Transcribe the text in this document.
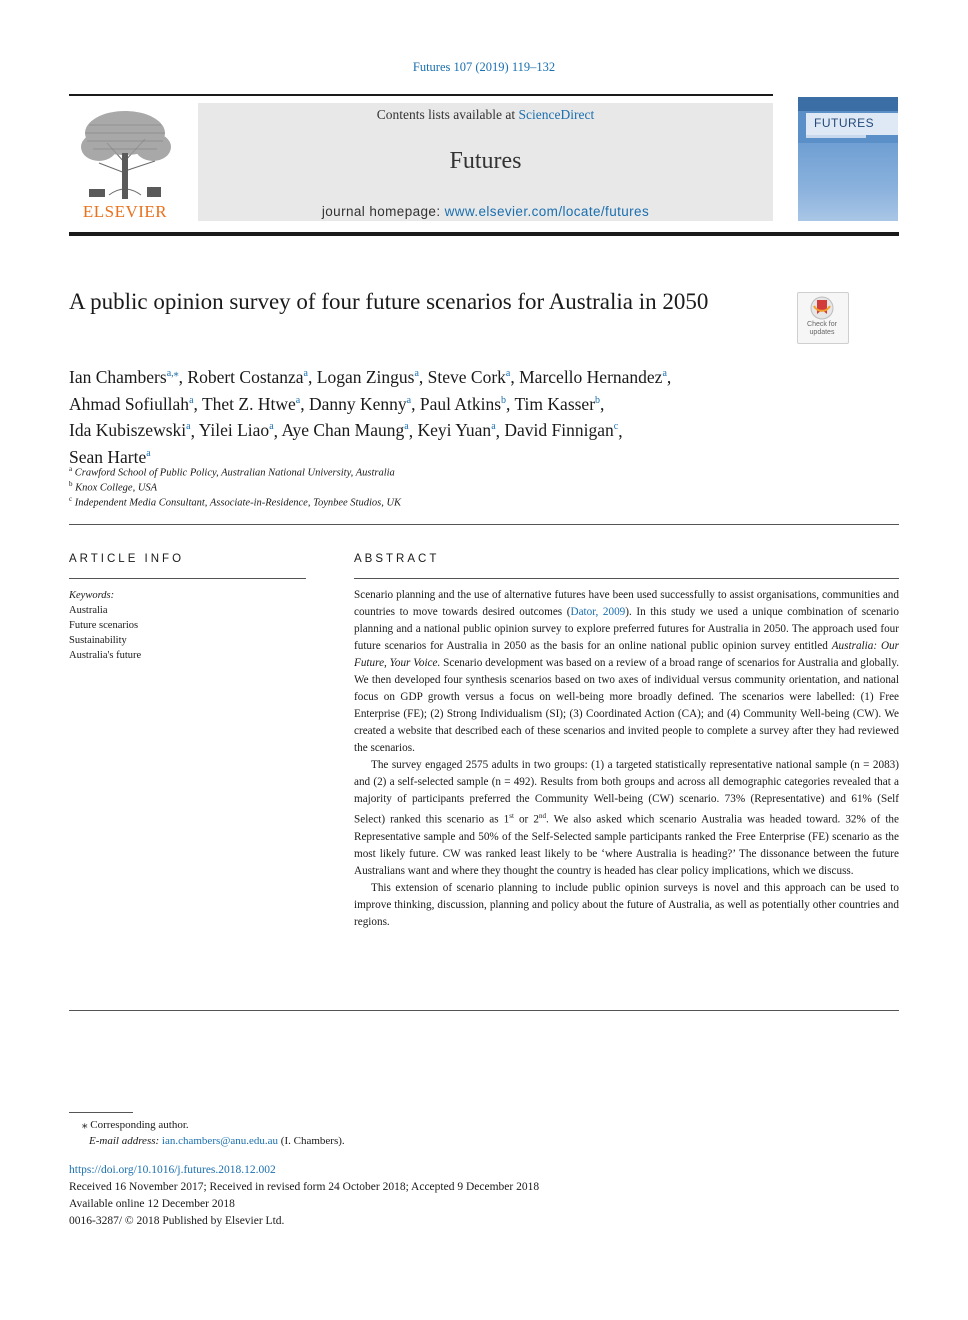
Futures 107 (2019) 119–132
ELSEVIER
Contents lists available at ScienceDirect
Futures
journal homepage: www.elsevier.com/locate/futures
FUTURES
A public opinion survey of four future scenarios for Australia in 2050
Check for updates
Ian Chambers$^{a,⁎}$, Robert Costanza$^a$, Logan Zingus$^a$, Steve Cork$^a$, Marcello Hernandez$^a$,
Ahmad Sofiullah$^a$, Thet Z. Htwe$^a$, Danny Kenny$^a$, Paul Atkins$^b$, Tim Kasser$^b$,
Ida Kubiszewski$^a$, Yilei Liao$^a$, Aye Chan Maung$^a$, Keyi Yuan$^a$, David Finnigan$^c$,
Sean Harte$^a$
$^a$ Crawford School of Public Policy, Australian National University, Australia
$^b$ Knox College, USA
$^c$ Independent Media Consultant, Associate-in-Residence, Toynbee Studios, UK
ARTICLE INFO
Keywords:
Australia
Future scenarios
Sustainability
Australia's future
ABSTRACT

Scenario planning and the use of alternative futures have been used successfully to assist organisations, communities and countries to move towards desired outcomes (Dator, 2009). In this study we used a unique combination of scenario planning and a national public opinion survey to explore preferred futures for Australia in 2050. The approach used four future scenarios for Australia in 2050 as the basis for an online national public opinion survey entitled Australia: Our Future, Your Voice. Scenario development was based on a review of a broad range of scenarios for Australia and globally. We then developed four synthesis scenarios based on two axes of individual versus community orientation, and national focus on GDP growth versus a focus on well-being more broadly defined. The scenarios were labelled: (1) Free Enterprise (FE); (2) Strong Individualism (SI); (3) Coordinated Action (CA); and (4) Community Well-being (CW). We created a website that described each of these scenarios and invited people to complete a survey after they had reviewed the scenarios.

The survey engaged 2575 adults in two groups: (1) a targeted statistically representative national sample (n = 2083) and (2) a self-selected sample (n = 492). Results from both groups and across all demographic categories revealed that a majority of participants preferred the Community Well-being (CW) scenario. 73% (Representative) and 61% (Self Select) ranked this scenario as 1st or 2nd. We also asked which scenario Australia was headed toward. 32% of the Representative sample and 50% of the Self-Selected sample participants ranked the Free Enterprise (FE) scenario as the most likely future. CW was ranked least likely to be ‘where Australia is heading?’ The dissonance between the future Australians want and where they thought the country is headed has clear policy implications, which we discuss.

This extension of scenario planning to include public opinion surveys is novel and this approach can be used to improve thinking, discussion, planning and policy about the future of Australia, as well as potentially other countries and regions.

⁎ Corresponding author.
E-mail address: ian.chambers@anu.edu.au (I. Chambers).
https://doi.org/10.1016/j.futures.2018.12.002
Received 16 November 2017; Received in revised form 24 October 2018; Accepted 9 December 2018
Available online 12 December 2018
0016-3287/ © 2018 Published by Elsevier Ltd.
